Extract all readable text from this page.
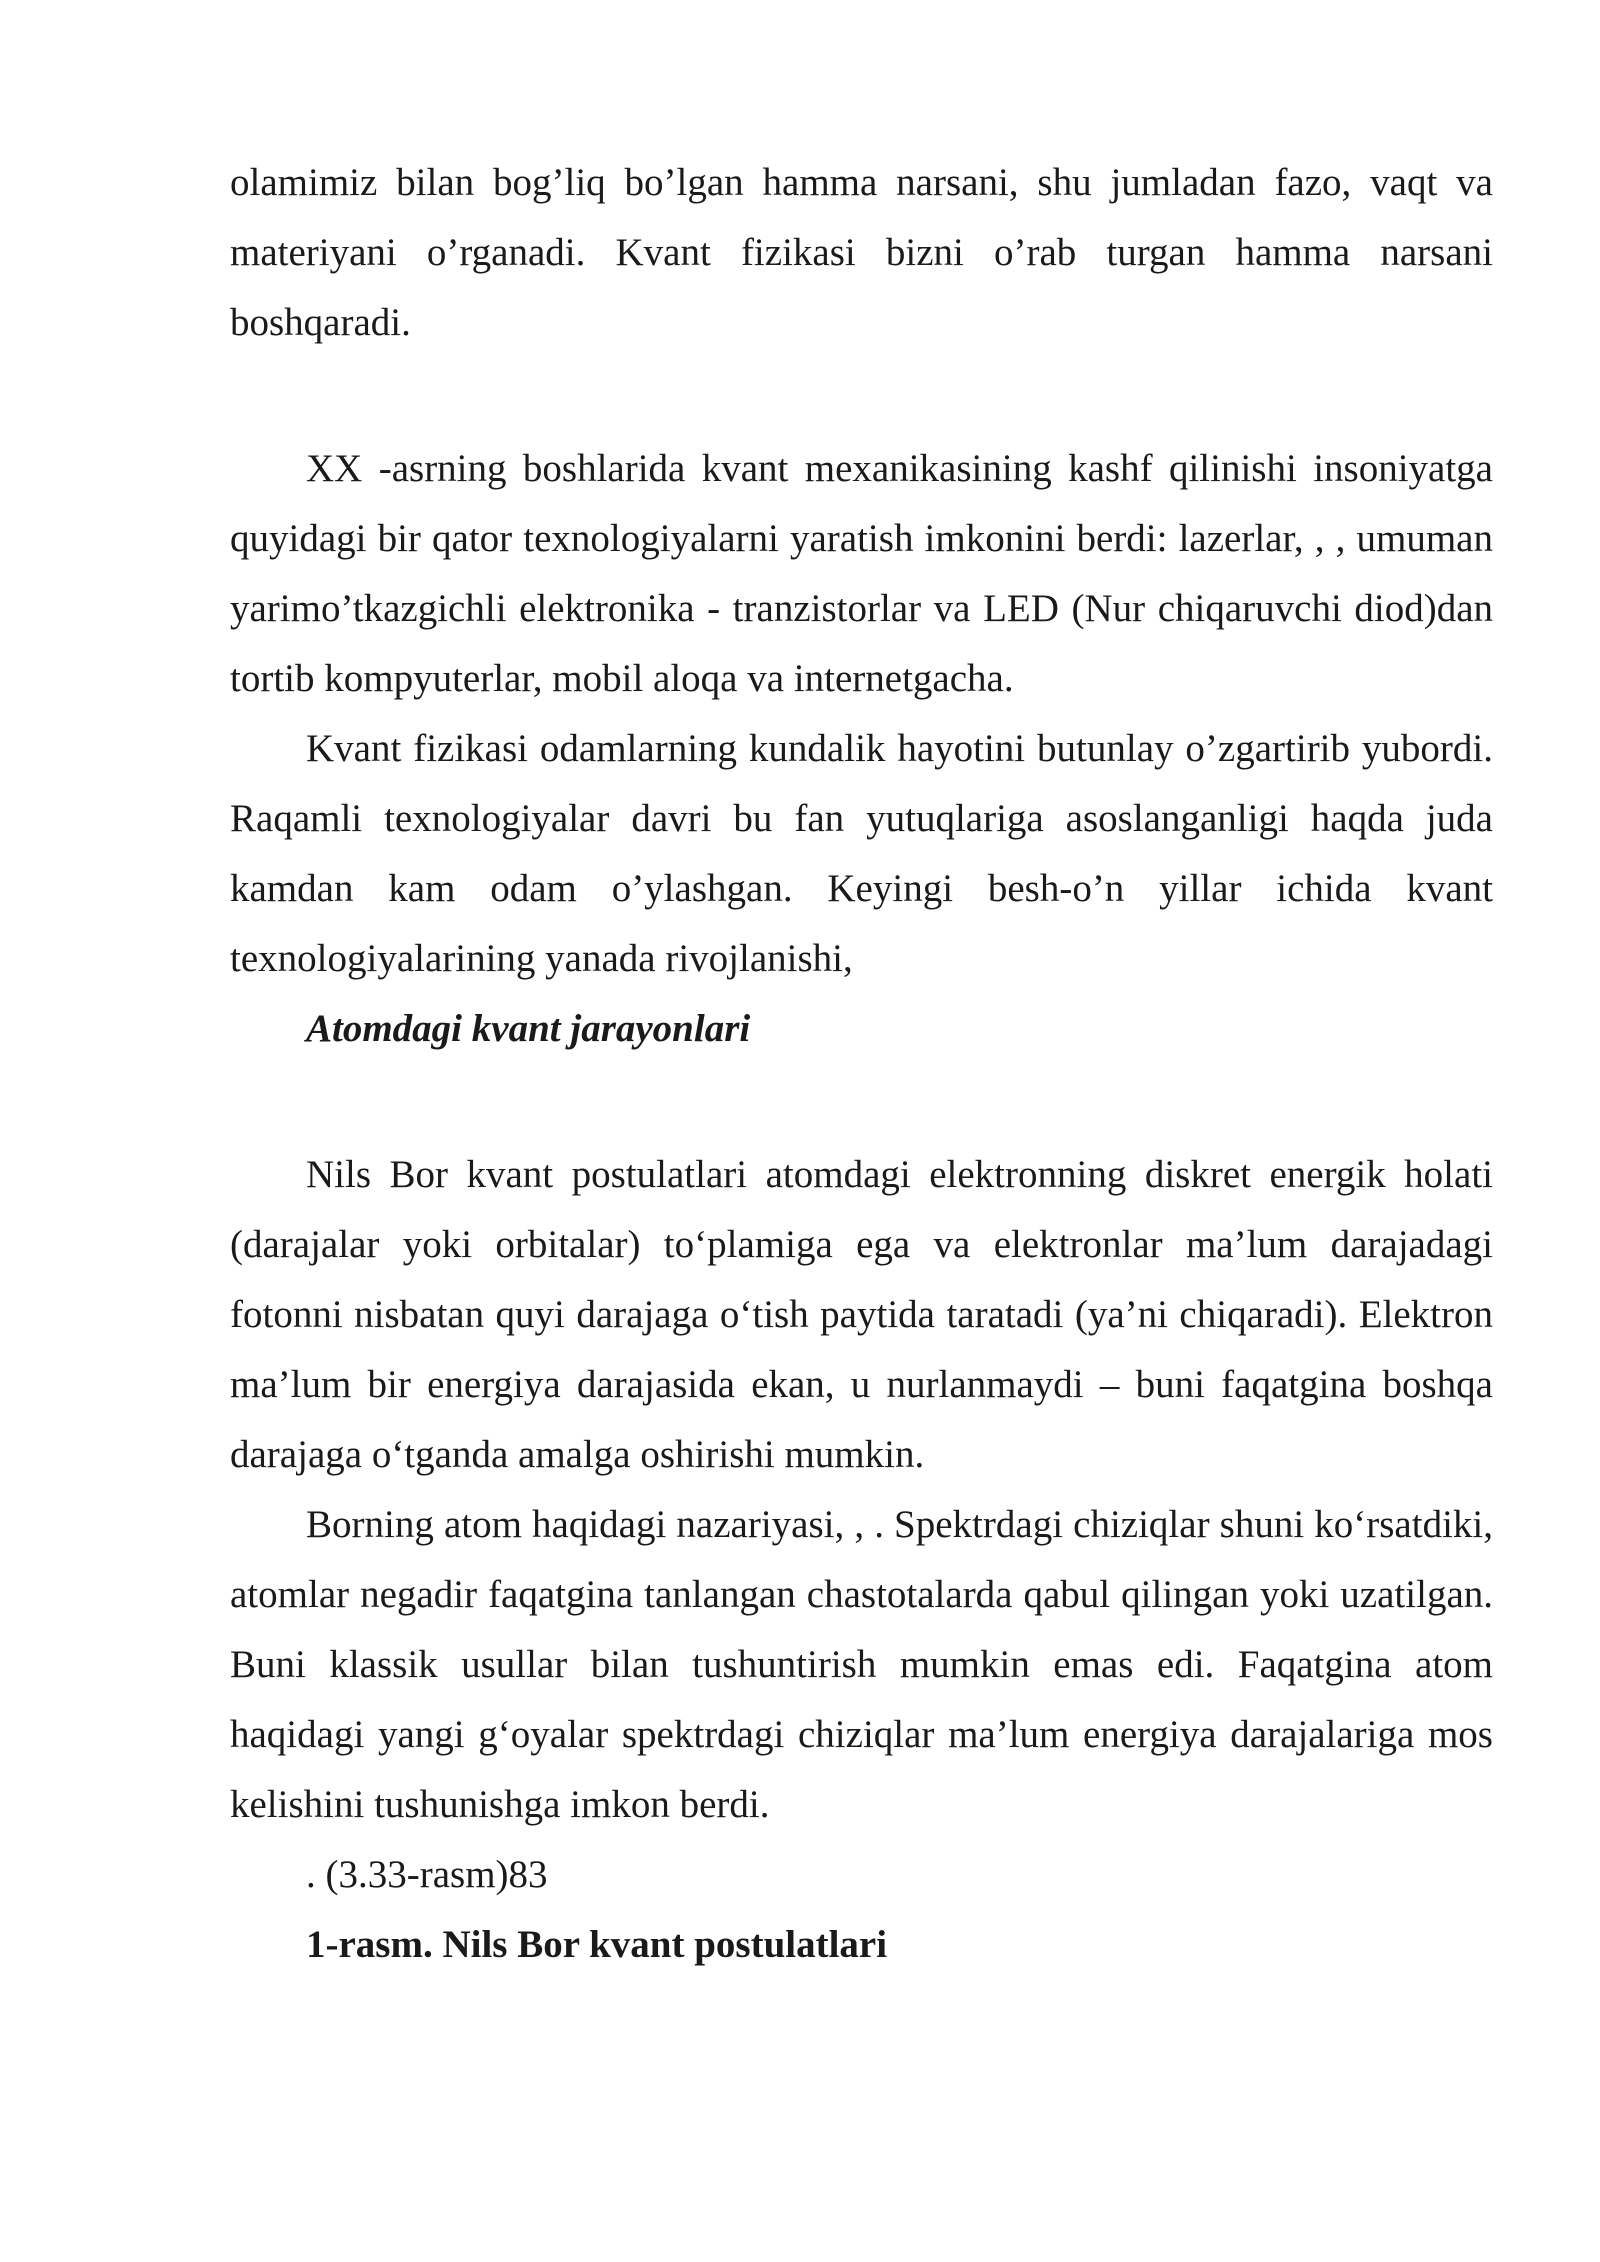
olamimiz bilan bog’liq bo’lgan hamma narsani, shu jumladan fazo, vaqt va materiyani o’rganadi. Kvant fizikasi bizni o’rab turgan hamma narsani boshqaradi.

XX -asrning boshlarida kvant mexanikasining kashf qilinishi insoniyatga quyidagi bir qator texnologiyalarni yaratish imkonini berdi: lazerlar, , , umuman yarimo’tkazgichli elektronika - tranzistorlar va LED (Nur chiqaruvchi diod)dan tortib kompyuterlar, mobil aloqa va internetgacha.

Kvant fizikasi odamlarning kundalik hayotini butunlay o’zgartirib yubordi. Raqamli texnologiyalar davri bu fan yutuqlariga asoslanganligi haqda juda kamdan kam odam o’ylashgan. Keyingi besh-o’n yillar ichida kvant texnologiyalarining yanada rivojlanishi,

Atomdagi kvant jarayonlari

Nils Bor kvant postulatlari atomdagi elektronning diskret energik holati (darajalar yoki orbitalar) to‘plamiga ega va elektronlar ma’lum darajadagi fotonni nisbatan quyi darajaga o‘tish paytida taratadi (ya’ni chiqaradi). Elektron ma’lum bir energiya darajasida ekan, u nurlanmaydi – buni faqatgina boshqa darajaga o‘tganda amalga oshirishi mumkin.

Borning atom haqidagi nazariyasi, , . Spektrdagi chiziqlar shuni ko‘rsatdiki, atomlar negadir faqatgina tanlangan chastotalarda qabul qilingan yoki uzatilgan. Buni klassik usullar bilan tushuntirish mumkin emas edi. Faqatgina atom haqidagi yangi g‘oyalar spektrdagi chiziqlar ma’lum energiya darajalariga mos kelishini tushunishga imkon berdi.

. (3.33-rasm)83

1-rasm. Nils Bor kvant postulatlari
